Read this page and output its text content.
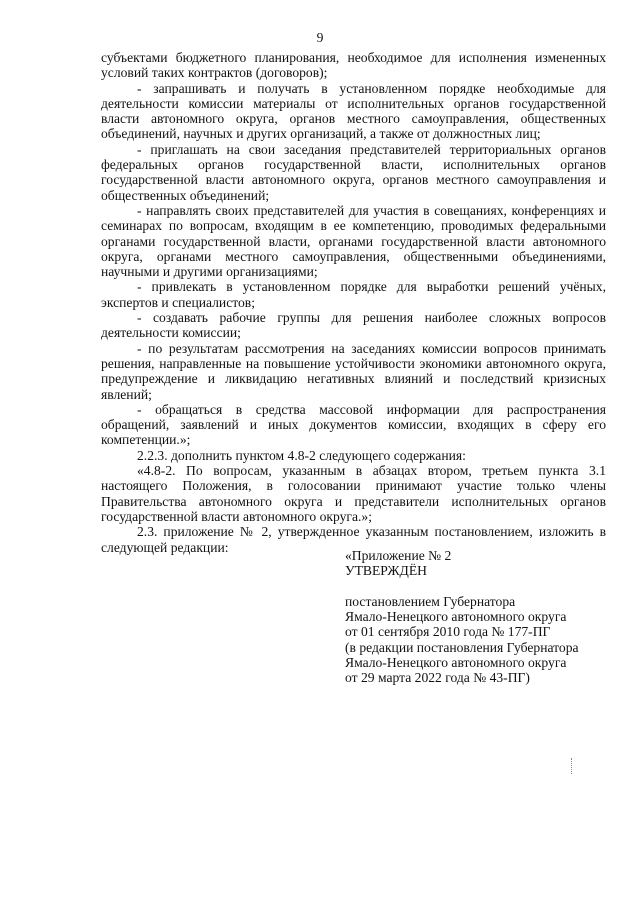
9

субъектами бюджетного планирования, необходимое для исполнения измененных условий таких контрактов (договоров);

- запрашивать и получать в установленном порядке необходимые для деятельности комиссии материалы от исполнительных органов государственной власти автономного округа, органов местного самоуправления, общественных объединений, научных и других организаций, а также от должностных лиц;

- приглашать на свои заседания представителей территориальных органов федеральных органов государственной власти, исполнительных органов государственной власти автономного округа, органов местного самоуправления и общественных объединений;

- направлять своих представителей для участия в совещаниях, конференциях и семинарах по вопросам, входящим в ее компетенцию, проводимых федеральными органами государственной власти, органами государственной власти автономного округа, органами местного самоуправления, общественными объединениями, научными и другими организациями;

- привлекать в установленном порядке для выработки решений учёных, экспертов и специалистов;

- создавать рабочие группы для решения наиболее сложных вопросов деятельности комиссии;

- по результатам рассмотрения на заседаниях комиссии вопросов принимать решения, направленные на повышение устойчивости экономики автономного округа, предупреждение и ликвидацию негативных влияний и последствий кризисных явлений;

- обращаться в средства массовой информации для распространения обращений, заявлений и иных документов комиссии, входящих в сферу его компетенции.»;

2.2.3. дополнить пунктом 4.8-2 следующего содержания:

«4.8-2. По вопросам, указанным в абзацах втором, третьем пункта 3.1 настоящего Положения, в голосовании принимают участие только члены Правительства автономного округа и представители исполнительных органов государственной власти автономного округа.»;

2.3. приложение № 2, утвержденное указанным постановлением, изложить в следующей редакции:

«Приложение № 2

УТВЕРЖДЁН

постановлением Губернатора

Ямало-Ненецкого автономного округа

от 01 сентября 2010 года № 177-ПГ

(в редакции постановления Губернатора

Ямало-Ненецкого автономного округа

от 29 марта 2022 года № 43-ПГ)
